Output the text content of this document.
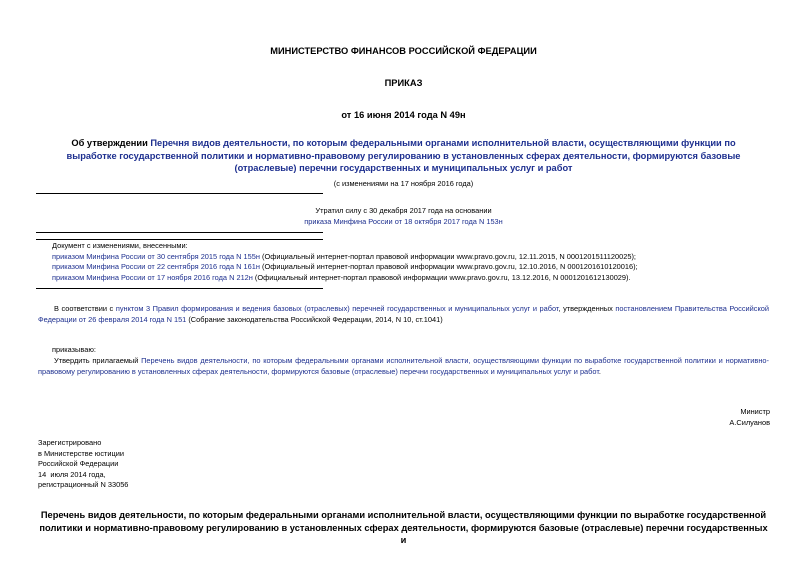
МИНИСТЕРСТВО ФИНАНСОВ РОССИЙСКОЙ ФЕДЕРАЦИИ
ПРИКАЗ
от 16 июня 2014 года N 49н
Об утверждении Перечня видов деятельности, по которым федеральными органами исполнительной власти, осуществляющими функции по выработке государственной политики и нормативно-правовому регулированию в установленных сферах деятельности, формируются базовые (отраслевые) перечни государственных и муниципальных услуг и работ
(с изменениями на 17 ноября 2016 года)
Утратил силу с 30 декабря 2017 года на основании
приказа Минфина России от 18 октября 2017 года N 153н
Документ с изменениями, внесенными:
приказом Минфина России от 30 сентября 2015 года N 155н (Официальный интернет-портал правовой информации www.pravo.gov.ru, 12.11.2015, N 0001201511120025);
приказом Минфина России от 22 сентября 2016 года N 161н (Официальный интернет-портал правовой информации www.pravo.gov.ru, 12.10.2016, N 0001201610120016);
приказом Минфина России от 17 ноября 2016 года N 212н (Официальный интернет-портал правовой информации www.pravo.gov.ru, 13.12.2016, N 0001201612130029).
В соответствии с пунктом 3 Правил формирования и ведения базовых (отраслевых) перечней государственных и муниципальных услуг и работ, утвержденных постановлением Правительства Российской Федерации от 26 февраля 2014 года N 151 (Собрание законодательства Российской Федерации, 2014, N 10, ст.1041)
приказываю:
Утвердить прилагаемый Перечень видов деятельности, по которым федеральными органами исполнительной власти, осуществляющими функции по выработке государственной политики и нормативно-правовому регулированию в установленных сферах деятельности, формируются базовые (отраслевые) перечни государственных и муниципальных услуг и работ.
Министр
А.Силуанов
Зарегистрировано
в Министерстве юстиции
Российской Федерации
14  июля 2014 года,
регистрационный N 33056
Перечень видов деятельности, по которым федеральными органами исполнительной власти, осуществляющими функции по выработке государственной политики и нормативно-правовому регулированию в установленных сферах деятельности, формируются базовые (отраслевые) перечни государственных и
